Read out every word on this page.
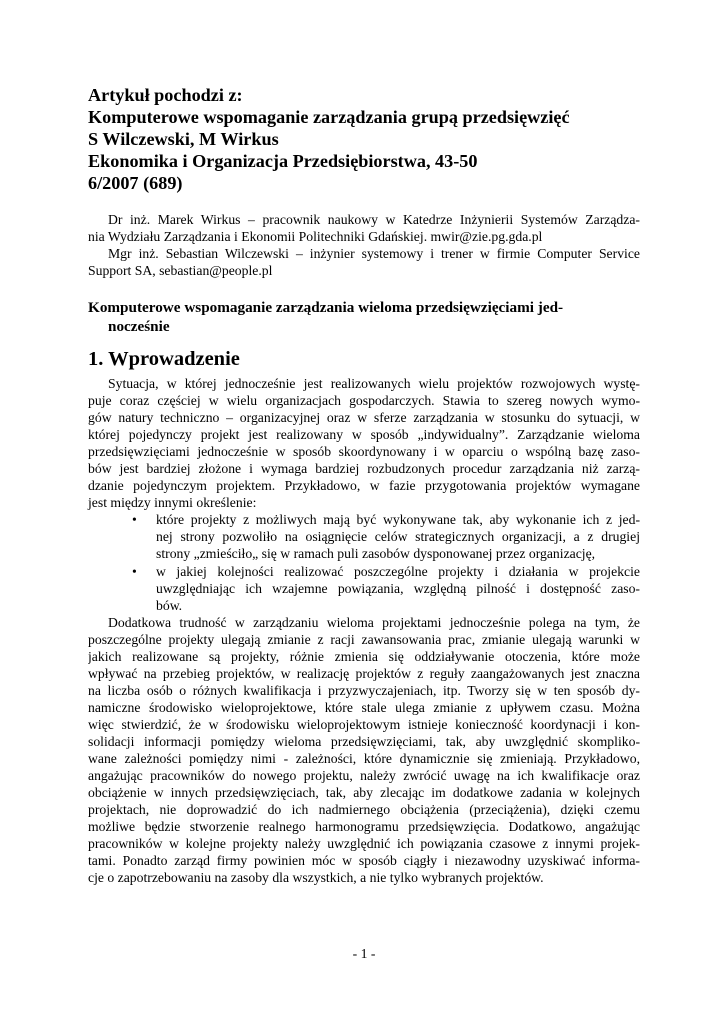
Artykuł pochodzi z:
Komputerowe wspomaganie zarządzania grupą przedsięwzięć
S Wilczewski, M Wirkus
Ekonomika i Organizacja Przedsiębiorstwa, 43-50
6/2007 (689)
Dr inż. Marek Wirkus – pracownik naukowy w Katedrze Inżynierii Systemów Zarządza-
nia Wydziału Zarządzania i Ekonomii Politechniki Gdańskiej. mwir@zie.pg.gda.pl
Mgr inż. Sebastian Wilczewski – inżynier systemowy i trener w firmie Computer Service
Support SA, sebastian@people.pl
Komputerowe wspomaganie zarządzania wieloma przedsięwzięciami jed-
nocześnie
1. Wprowadzenie
Sytuacja, w której jednocześnie jest realizowanych wielu projektów rozwojowych wystę-
puje coraz częściej w wielu organizacjach gospodarczych. Stawia to szereg nowych wymo-
gów natury techniczno – organizacyjnej oraz w sferze zarządzania w stosunku do sytuacji, w
której pojedynczy projekt jest realizowany w sposób „indywidualny”. Zarządzanie wieloma
przedsięwzięciami jednocześnie w sposób skoordynowany i w oparciu o wspólną bazę zaso-
bów jest bardziej złożone i wymaga bardziej rozbudzonych procedur zarządzania niż zarzą-
dzanie pojedynczym projektem. Przykładowo, w fazie przygotowania projektów wymagane
jest między innymi określenie:
•	które projekty z możliwych mają być wykonywane tak, aby wykonanie ich z jed-
nej strony pozwoliło na osiągnięcie celów strategicznych organizacji, a z drugiej
strony „zmieściło„ się w ramach puli zasobów dysponowanej przez organizację,
•	w jakiej kolejności realizować poszczególne projekty i działania w projekcie
uwzględniając ich wzajemne powiązania, względną pilność i dostępność zaso-
bów.
Dodatkowa trudność w zarządzaniu wieloma projektami jednocześnie polega na tym, że
poszczególne projekty ulegają zmianie z racji zawansowania prac, zmianie ulegają warunki w
jakich realizowane są projekty, różnie zmienia się oddziaływanie otoczenia, które może
wpływać na przebieg projektów, w realizację projektów z reguły zaangażowanych jest znaczna
na liczba osób o różnych kwalifikacja i przyzwyczajeniach, itp. Tworzy się w ten sposób dy-
namiczne środowisko wieloprojektowe, które stale ulega zmianie z upływem czasu. Można
więc stwierdzić, że w środowisku wieloprojektowym istnieje konieczność koordynacji i kon-
solidacji informacji pomiędzy wieloma przedsięwzięciami, tak, aby uwzględnić skompliko-
wane zależności pomiędzy nimi - zależności, które dynamicznie się zmieniają. Przykładowo,
angażując pracowników do nowego projektu, należy zwrócić uwagę na ich kwalifikacje oraz
obciążenie w innych przedsięwzięciach, tak, aby zlecając im dodatkowe zadania w kolejnych
projektach, nie doprowadzić do ich nadmiernego obciążenia (przeciążenia), dzięki czemu
możliwe będzie stworzenie realnego harmonogramu przedsięwzięcia. Dodatkowo, angażując
pracowników w kolejne projekty należy uwzględnić ich powiązania czasowe z innymi projek-
tami. Ponadto zarząd firmy powinien móc w sposób ciągły i niezawodny uzyskiwać informa-
cje o zapotrzebowaniu na zasoby dla wszystkich, a nie tylko wybranych projektów.
- 1 -
